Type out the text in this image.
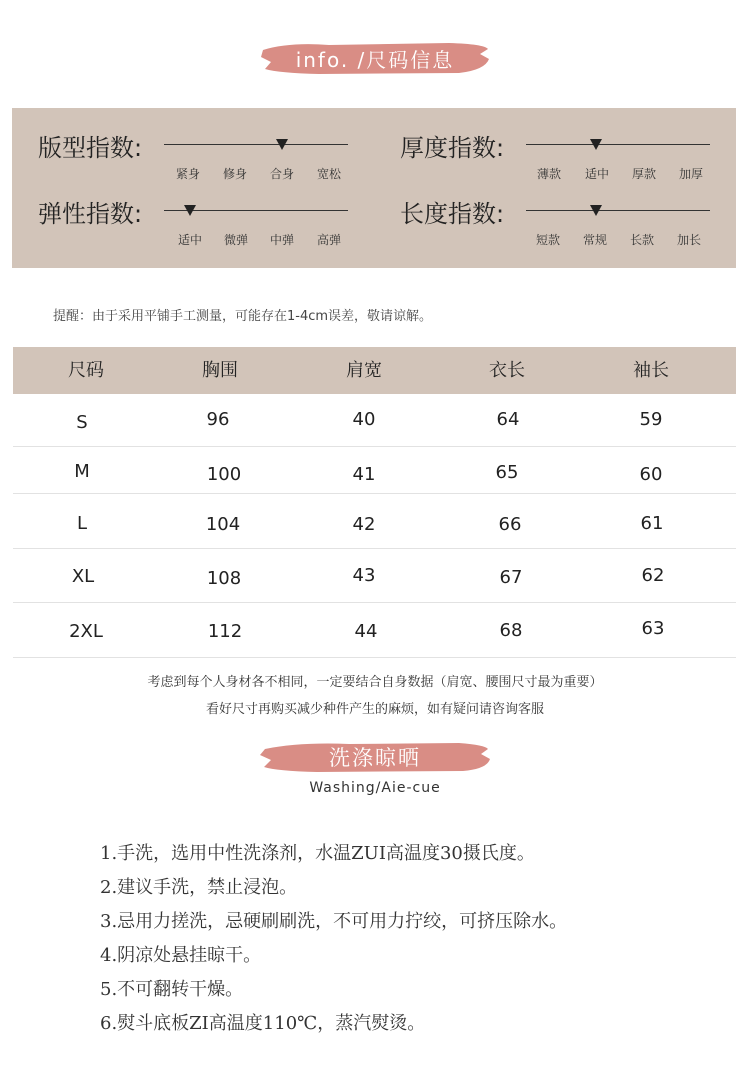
info. /尺码信息
版型指数:
紧身 修身 合身 宽松
厚度指数:
薄款 适中 厚款 加厚
弹性指数:
适中 微弹 中弹 高弹
长度指数:
短款 常规 长款 加长
提醒：由于采用平铺手工测量，可能存在1-4cm误差，敬请谅解。
尺码	胸围	肩宽	衣长	袖长
S	96	40	64	59
M	100	41	65	60
L	104	42	66	61
XL	108	43	67	62
2XL	112	44	68	63
考虑到每个人身材各不相同，一定要结合自身数据（肩宽、腰围尺寸最为重要）
看好尺寸再购买减少种件产生的麻烦，如有疑问请咨询客服
洗涤晾晒
Washing/Aie-cue
1.手洗，选用中性洗涤剂，水温ZUI高温度30摄氏度。
2.建议手洗，禁止浸泡。
3.忌用力搓洗，忌硬刷刷洗，不可用力拧绞，可挤压除水。
4.阴凉处悬挂晾干。
5.不可翻转干燥。
6.熨斗底板ZI高温度110℃，蒸汽熨烫。
